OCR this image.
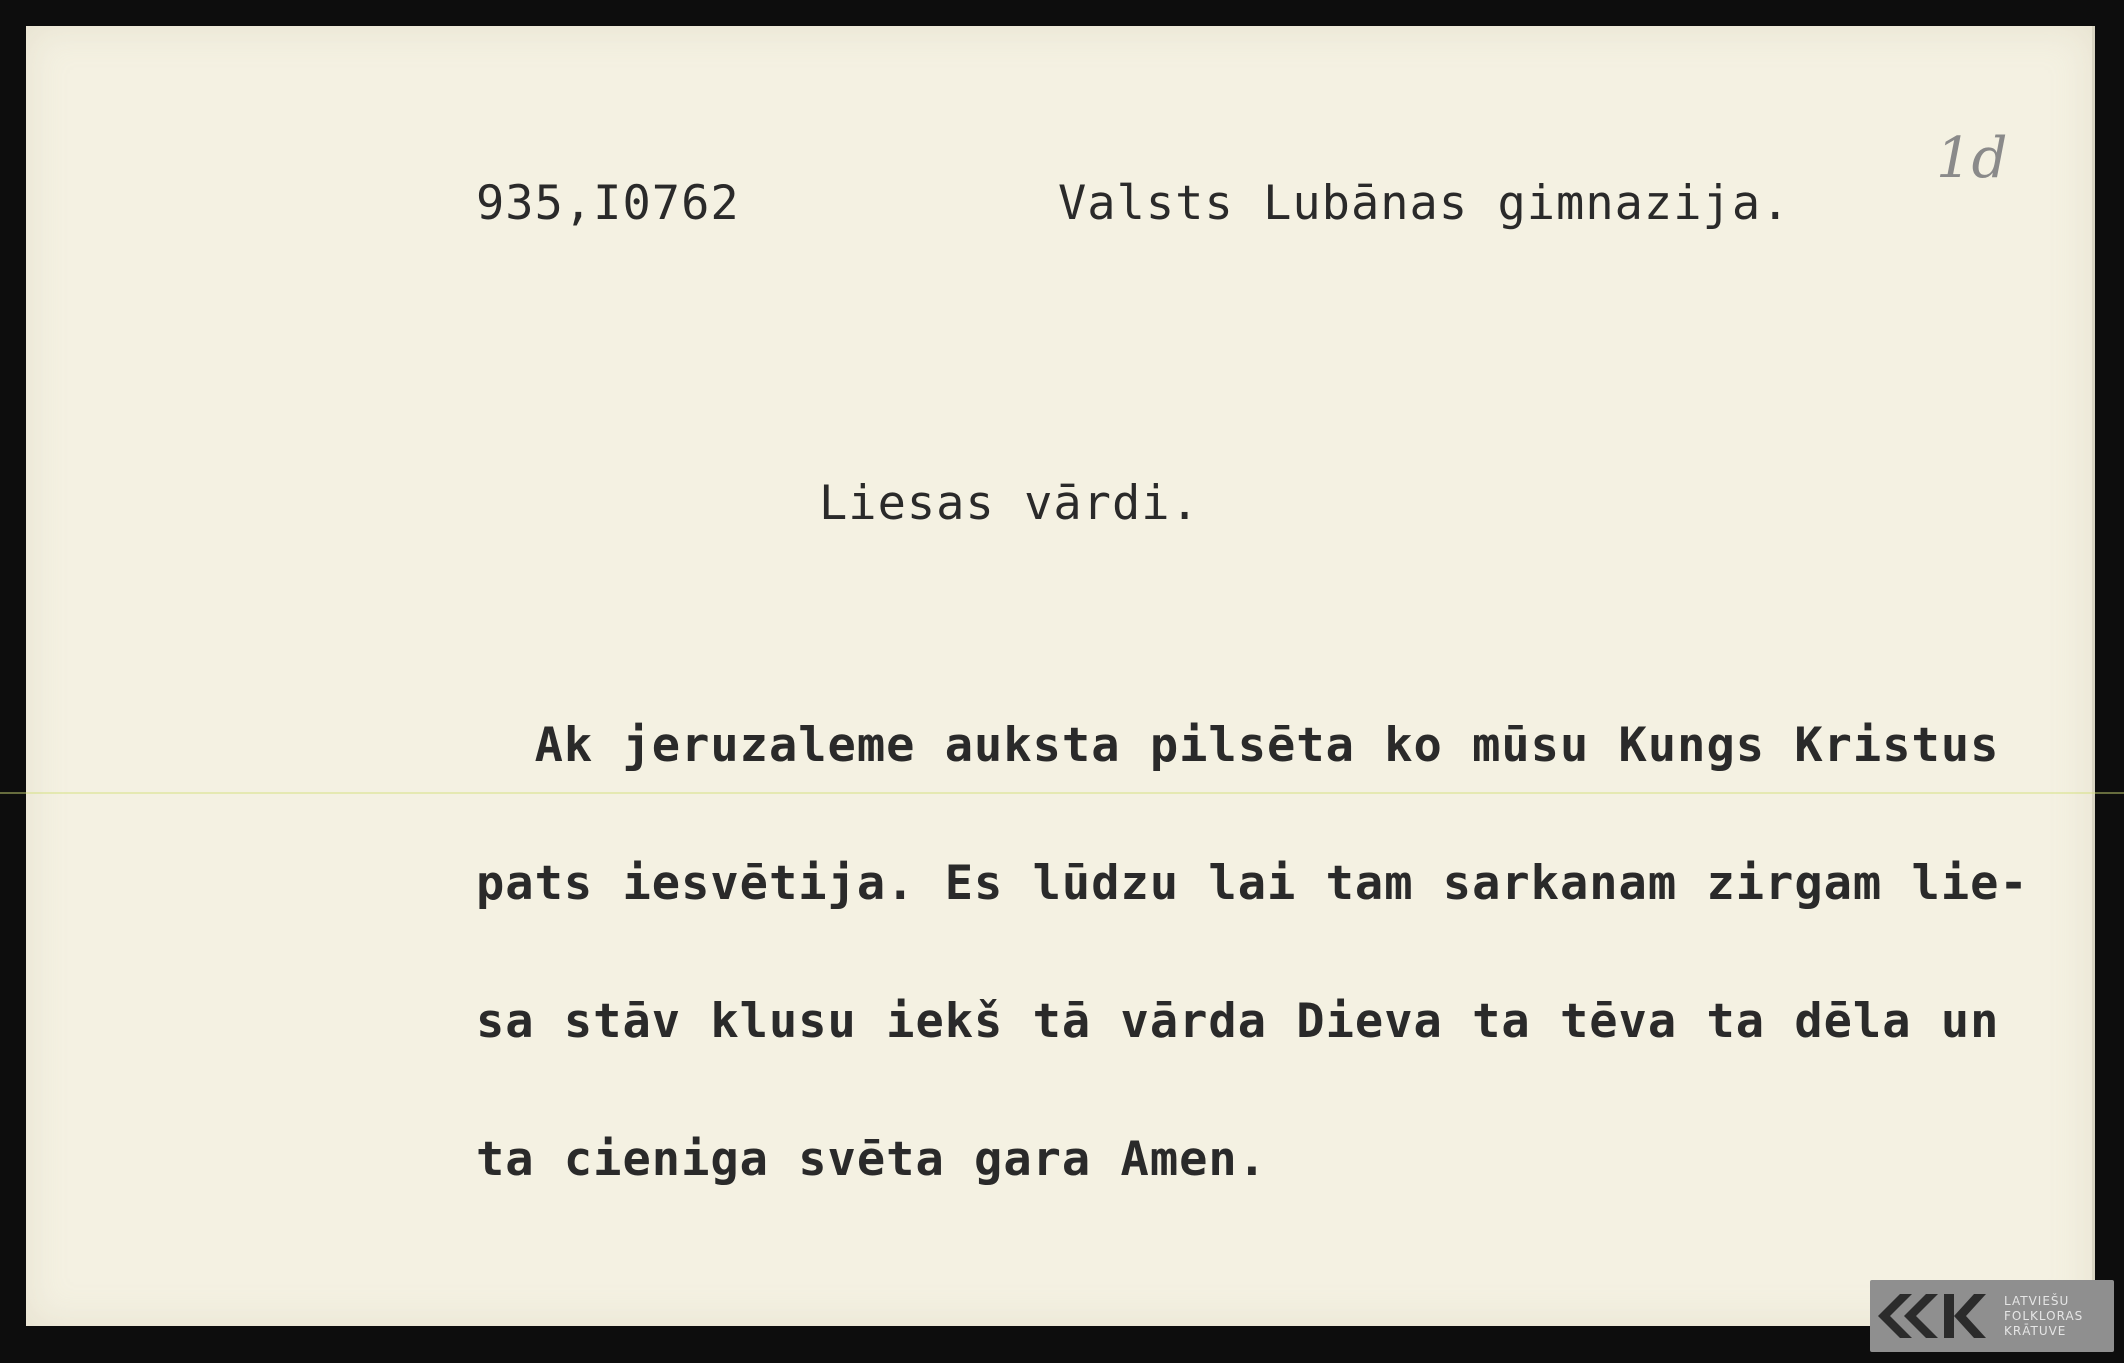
935,I0762	Valsts Lubānas gimnazija.
1d
Liesas vārdi.

Ak jeruzaleme auksta pilsēta ko mūsu Kungs Kristus

pats iesvētija. Es lūdzu lai tam sarkanam zirgam lie-

sa stāv klusu iekš tā vārda Dieva ta tēva ta dēla un

ta cieniga svēta gara Amen.

LATVIEŠU
FOLKLORAS
KRĀTUVE
